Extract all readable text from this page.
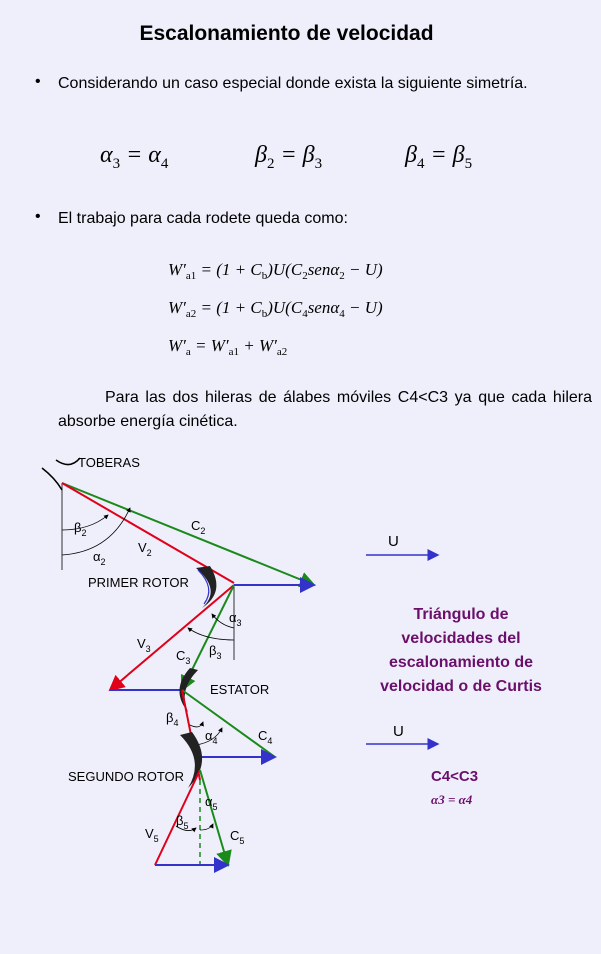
Escalonamiento de velocidad
• Considerando un caso especial donde exista la siguiente simetría.
$\alpha_3 = \alpha_4$	$\beta_2 = \beta_3$	$\beta_4 = \beta_5$
• El trabajo para cada rodete queda como:
$W'_{a1} = (1 + C_b)U(C_2sen\alpha_2 - U)$
$W'_{a2} = (1 + C_b)U(C_4sen\alpha_4 - U)$
$W'_a = W'_{a1} + W'_{a2}$
Para las dos hileras de álabes móviles C4<C3 ya que cada hilera absorbe energía cinética.
TOBERAS
$\beta_2$
$\alpha_2$
$V_2$
$C_2$
PRIMER ROTOR
$\alpha_3$
$\beta_3$
$V_3$ $C_3$
ESTATOR
$\beta_4$
$\alpha_4$	$C_4$
SEGUNDO ROTOR
$\alpha_5$
$\beta_5$
$V_5$	$C_5$
U
U
Triángulo de
velocidades del
escalonamiento de
velocidad o de Curtis
C4<C3
α3 = α4
